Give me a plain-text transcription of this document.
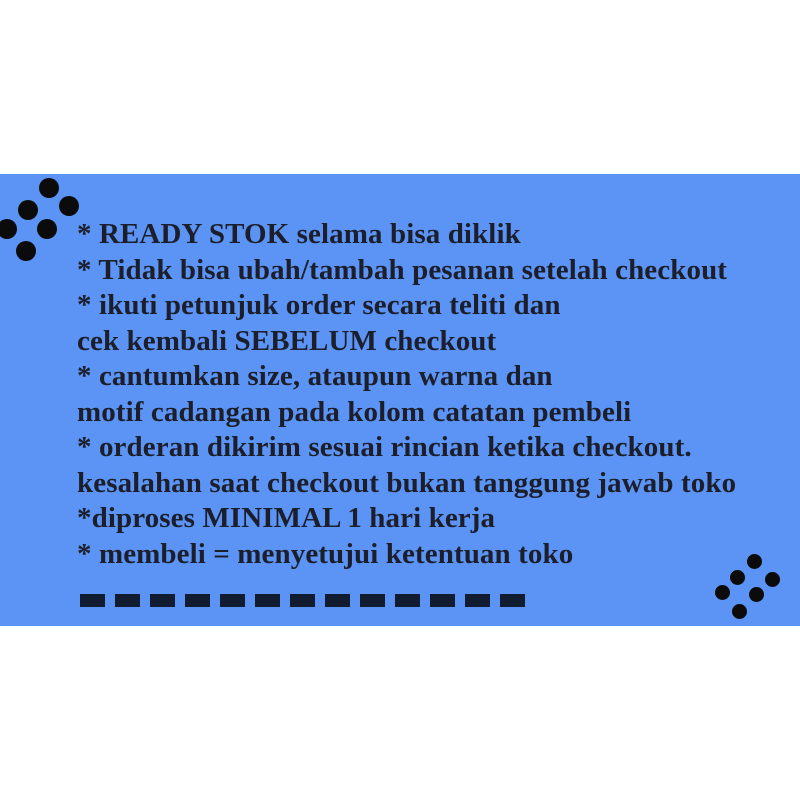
* READY STOK selama bisa diklik
* Tidak bisa ubah/tambah pesanan setelah checkout
* ikuti petunjuk order secara teliti dan
cek kembali SEBELUM checkout
* cantumkan size, ataupun warna dan
motif cadangan pada kolom catatan pembeli
* orderan dikirim sesuai rincian ketika checkout.
kesalahan saat checkout bukan tanggung jawab toko
*diproses MINIMAL 1 hari kerja
* membeli = menyetujui ketentuan toko
